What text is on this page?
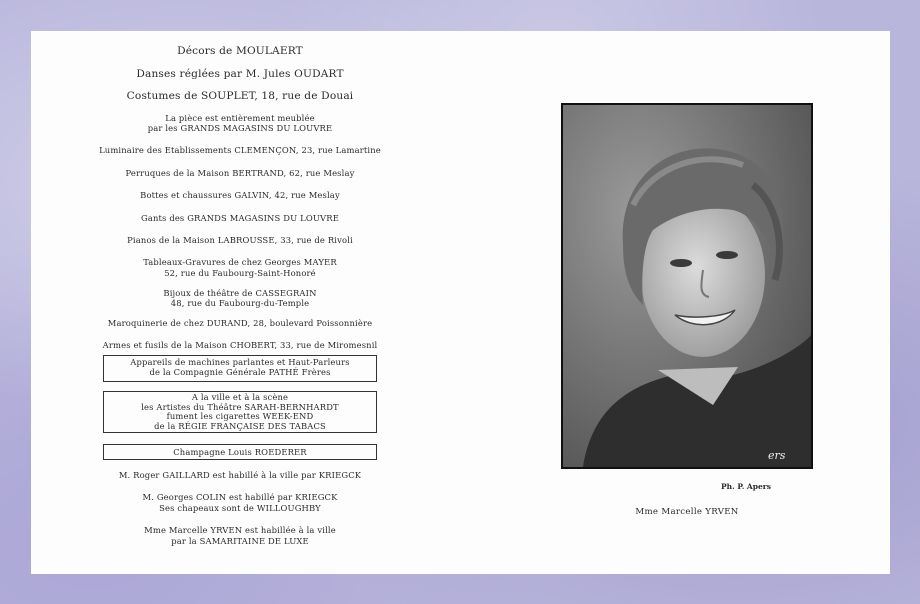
Décors de MOULAERT

Danses réglées par M. Jules OUDART

Costumes de SOUPLET, 18, rue de Douai

La pièce est entièrement meublée

par les GRANDS MAGASINS DU LOUVRE

Luminaire des Etablissements CLEMENÇON, 23, rue Lamartine

Perruques de la Maison BERTRAND, 62, rue Meslay

Bottes et chaussures GALVIN, 42, rue Meslay

Gants des GRANDS MAGASINS DU LOUVRE

Pianos de la Maison LABROUSSE, 33, rue de Rivoli

Tableaux-Gravures de chez Georges MAYER

52, rue du Faubourg-Saint-Honoré

Bijoux de théâtre de CASSEGRAIN

48, rue du Faubourg-du-Temple

Maroquinerie de chez DURAND, 28, boulevard Poissonnière

Armes et fusils de la Maison CHOBERT, 33, rue de Miromesnil

Appareils de machines parlantes et Haut-Parleurs

de la Compagnie Générale PATHÉ Frères

A la ville et à la scène

les Artistes du Théâtre SARAH-BERNHARDT

fument les cigarettes WEEK-END

de la RÉGIE FRANÇAISE DES TABACS

Champagne Louis ROEDERER

M. Roger GAILLARD est habillé à la ville par KRIEGCK

M. Georges COLIN est habillé par KRIEGCK

Ses chapeaux sont de WILLOUGHBY

Mme Marcelle YRVEN est habillée à la ville

par la SAMARITAINE DE LUXE

ers
Ph. P. Apers
Mme Marcelle YRVEN
